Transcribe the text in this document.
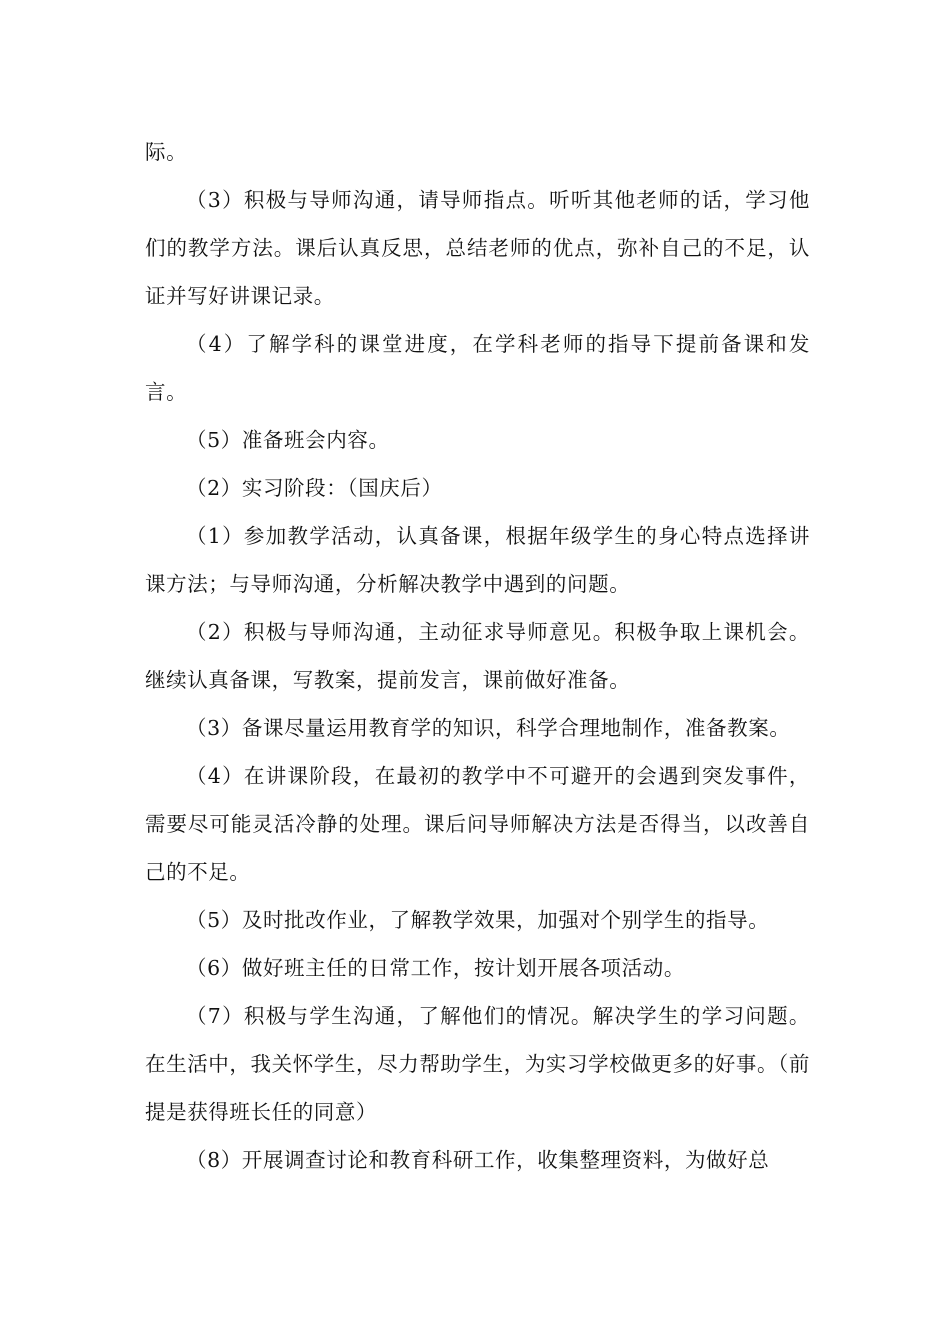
际。

（3）积极与导师沟通，请导师指点。听听其他老师的话，学习他们的教学方法。课后认真反思，总结老师的优点，弥补自己的不足，认证并写好讲课记录。

（4）了解学科的课堂进度，在学科老师的指导下提前备课和发言。

（5）准备班会内容。

（2）实习阶段：（国庆后）

（1）参加教学活动，认真备课，根据年级学生的身心特点选择讲课方法；与导师沟通，分析解决教学中遇到的问题。

（2）积极与导师沟通，主动征求导师意见。积极争取上课机会。继续认真备课，写教案，提前发言，课前做好准备。

（3）备课尽量运用教育学的知识，科学合理地制作，准备教案。

（4）在讲课阶段，在最初的教学中不可避开的会遇到突发事件，需要尽可能灵活冷静的处理。课后问导师解决方法是否得当，以改善自己的不足。

（5）及时批改作业，了解教学效果，加强对个别学生的指导。

（6）做好班主任的日常工作，按计划开展各项活动。

（7）积极与学生沟通，了解他们的情况。解决学生的学习问题。在生活中，我关怀学生，尽力帮助学生，为实习学校做更多的好事。（前提是获得班长任的同意）

（8）开展调查讨论和教育科研工作，收集整理资料，为做好总
